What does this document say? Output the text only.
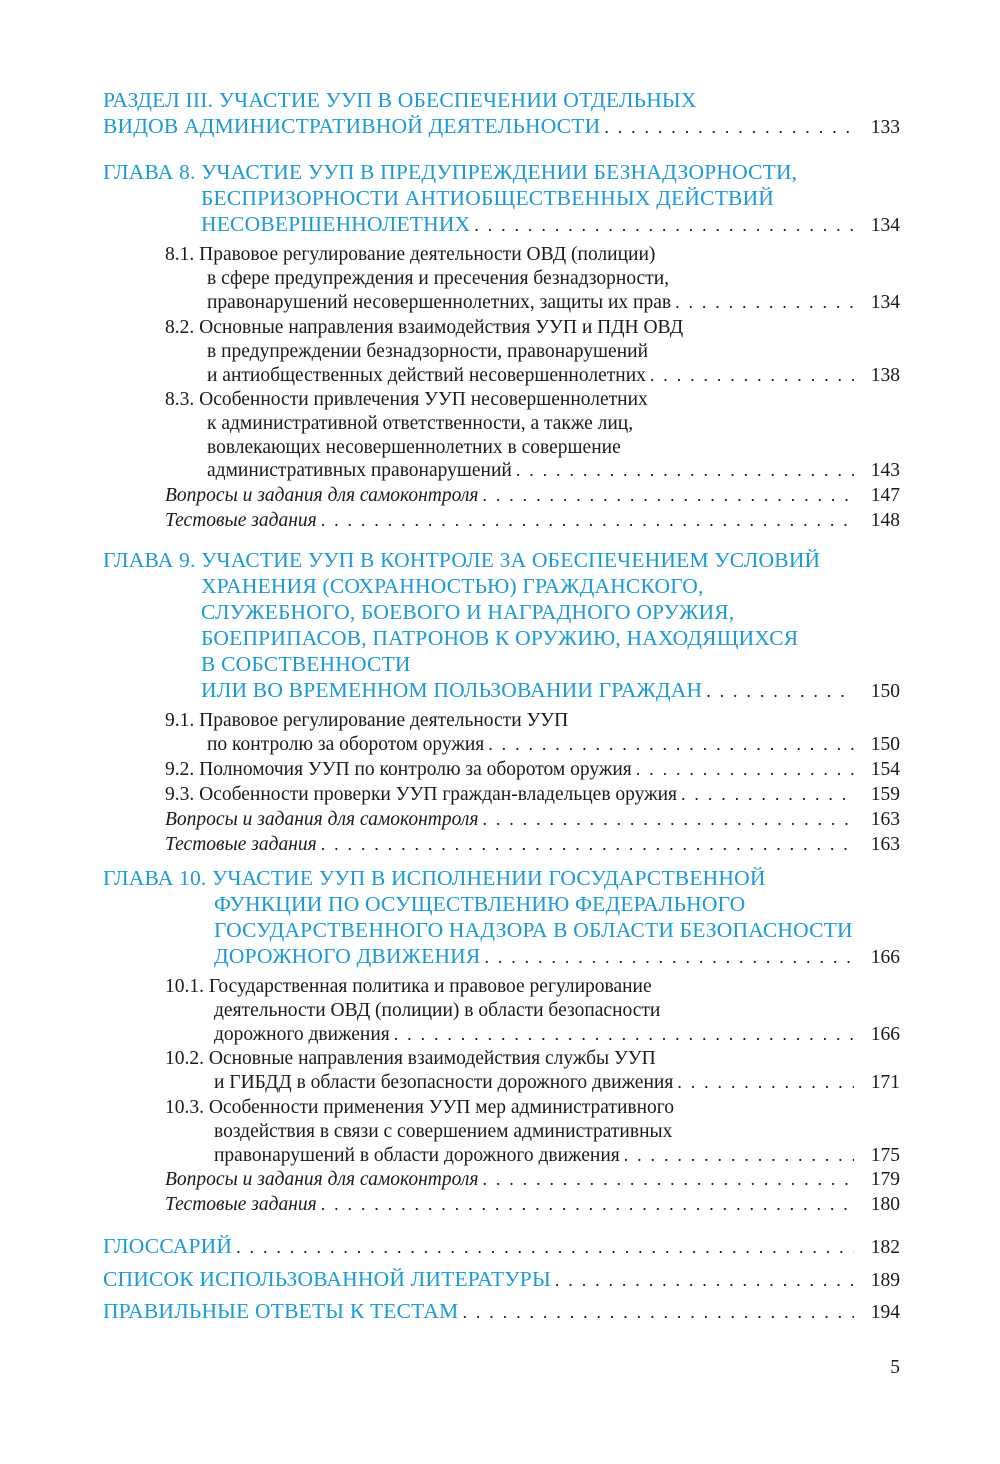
РАЗДЕЛ III. УЧАСТИЕ УУП В ОБЕСПЕЧЕНИИ ОТДЕЛЬНЫХ
ВИДОВ АДМИНИСТРАТИВНОЙ ДЕЯТЕЛЬНОСТИ . . .	133
ГЛАВА 8. УЧАСТИЕ УУП В ПРЕДУПРЕЖДЕНИИ БЕЗНАДЗОРНОСТИ,
БЕСПРИЗОРНОСТИ АНТИОБЩЕСТВЕННЫХ ДЕЙСТВИЙ
НЕСОВЕРШЕННОЛЕТНИХ . . .	134
8.1. Правовое регулирование деятельности ОВД (полиции)
в сфере предупреждения и пресечения безнадзорности,
правонарушений несовершеннолетних, защиты их прав . . .	134
8.2. Основные направления взаимодействия УУП и ПДН ОВД
в предупреждении безнадзорности, правонарушений
и антиобщественных действий несовершеннолетних . . .	138
8.3. Особенности привлечения УУП несовершеннолетних
к административной ответственности, а также лиц,
вовлекающих несовершеннолетних в совершение
административных правонарушений . . .	143
Вопросы и задания для самоконтроля . . .	147
Тестовые задания . . .	148
ГЛАВА 9. УЧАСТИЕ УУП В КОНТРОЛЕ ЗА ОБЕСПЕЧЕНИЕМ УСЛОВИЙ
ХРАНЕНИЯ (СОХРАННОСТЬЮ) ГРАЖДАНСКОГО,
СЛУЖЕБНОГО, БОЕВОГО И НАГРАДНОГО ОРУЖИЯ,
БОЕПРИПАСОВ, ПАТРОНОВ К ОРУЖИЮ, НАХОДЯЩИХСЯ
В СОБСТВЕННОСТИ
ИЛИ ВО ВРЕМЕННОМ ПОЛЬЗОВАНИИ ГРАЖДАН . . .	150
9.1. Правовое регулирование деятельности УУП
по контролю за оборотом оружия . . .	150
9.2. Полномочия УУП по контролю за оборотом оружия . . .	154
9.3. Особенности проверки УУП граждан-владельцев оружия . . .	159
Вопросы и задания для самоконтроля . . .	163
Тестовые задания . . .	163
ГЛАВА 10. УЧАСТИЕ УУП В ИСПОЛНЕНИИ ГОСУДАРСТВЕННОЙ
ФУНКЦИИ ПО ОСУЩЕСТВЛЕНИЮ ФЕДЕРАЛЬНОГО
ГОСУДАРСТВЕННОГО НАДЗОРА В ОБЛАСТИ БЕЗОПАСНОСТИ
ДОРОЖНОГО ДВИЖЕНИЯ . . .	166
10.1. Государственная политика и правовое регулирование
деятельности ОВД (полиции) в области безопасности
дорожного движения . . .	166
10.2. Основные направления взаимодействия службы УУП
и ГИБДД в области безопасности дорожного движения . . .	171
10.3. Особенности применения УУП мер административного
воздействия в связи с совершением административных
правонарушений в области дорожного движения . . .	175
Вопросы и задания для самоконтроля . . .	179
Тестовые задания . . .	180
ГЛОССАРИЙ . . .	182
СПИСОК ИСПОЛЬЗОВАННОЙ ЛИТЕРАТУРЫ . . .	189
ПРАВИЛЬНЫЕ ОТВЕТЫ К ТЕСТАМ . . .	194
5
